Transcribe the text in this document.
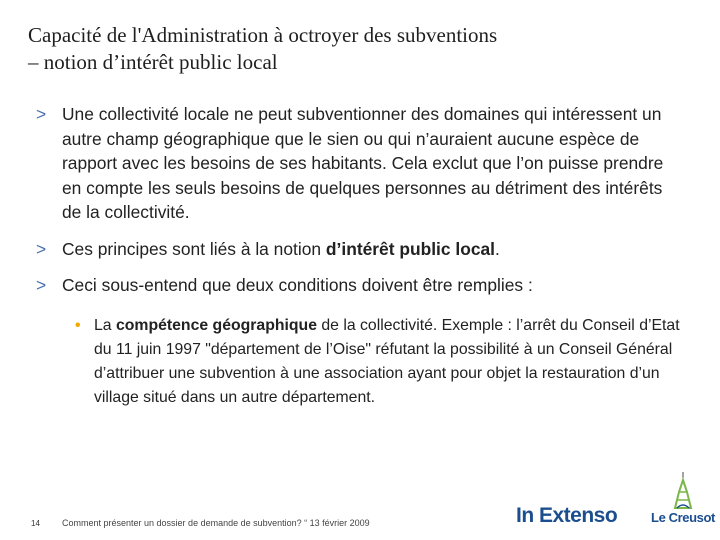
Capacité de l'Administration à octroyer des subventions
– notion d’intérêt public local
> Une collectivité locale ne peut subventionner des domaines qui intéressent un autre champ géographique que le sien ou qui n’auraient aucune espèce de rapport avec les besoins de ses habitants. Cela exclut que l’on puisse prendre en compte les seuls besoins de quelques personnes au détriment des intérêts de la collectivité.
> Ces principes sont liés à la notion d’intérêt public local.
> Ceci sous-entend que deux conditions doivent être remplies :
• La compétence géographique de la collectivité. Exemple : l’arrêt du Conseil d’Etat du 11 juin 1997 "département de l’Oise" réfutant la possibilité à un Conseil Général d’attribuer une subvention à une association ayant pour objet la restauration d’un village situé dans un autre département.
14 Comment présenter un dossier de demande de subvention? “ 13 février 2009	In Extenso	Le Creusot
